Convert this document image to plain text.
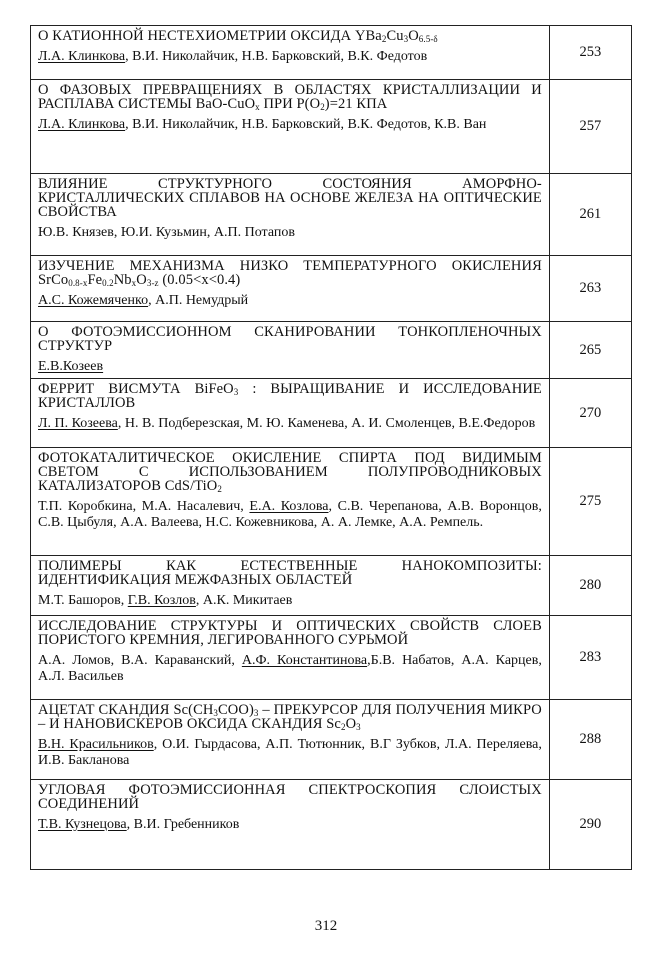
О КАТИОННОЙ НЕСТЕХИОМЕТРИИ ОКСИДА $YBa_2Cu_3O_{6.5-\delta}$

Л.А. Клинкова, В.И. Николайчик, Н.В. Барковский, В.К. Федотов	253

О ФАЗОВЫХ ПРЕВРАЩЕНИЯХ В ОБЛАСТЯХ КРИСТАЛЛИЗАЦИИ И РАСПЛАВА СИСТЕМЫ BaO-CuO$_x$ ПРИ $P(O_2)=21$ КПА

Л.А. Клинкова, В.И. Николайчик, Н.В. Барковский, В.К. Федотов, К.В. Ван	257

ВЛИЯНИЕ СТРУКТУРНОГО СОСТОЯНИЯ АМОРФНО-КРИСТАЛЛИЧЕСКИХ СПЛАВОВ НА ОСНОВЕ ЖЕЛЕЗА НА ОПТИЧЕСКИЕ СВОЙСТВА

Ю.В. Князев, Ю.И. Кузьмин, А.П. Потапов	261

ИЗУЧЕНИЕ МЕХАНИЗМА НИЗКО ТЕМПЕРАТУРНОГО ОКИСЛЕНИЯ $SrCo_{0.8-x}Fe_{0.2}Nb_xO_{3-z}$ (0.05<x<0.4)

А.С. Кожемяченко, А.П. Немудрый	263

О ФОТОЭМИССИОННОМ СКАНИРОВАНИИ ТОНКОПЛЕНОЧНЫХ СТРУКТУР

Е.В.Козеев	265

ФЕРРИТ ВИСМУТА BiFeO$_3$ : ВЫРАЩИВАНИЕ И ИССЛЕДОВАНИЕ КРИСТАЛЛОВ

Л. П. Козеева, Н. В. Подберезская, М. Ю. Каменева, А. И. Смоленцев, В.Е.Федоров	270

ФОТОКАТАЛИТИЧЕСКОЕ ОКИСЛЕНИЕ СПИРТА ПОД ВИДИМЫМ СВЕТОМ С ИСПОЛЬЗОВАНИЕМ ПОЛУПРОВОДНИКОВЫХ КАТАЛИЗАТОРОВ CdS/TiO$_2$

Т.П. Коробкина, М.А. Насалевич, Е.А. Козлова, С.В. Черепанова, А.В. Воронцов, С.В. Цыбуля, А.А. Валеева, Н.С. Кожевникова, А. А. Лемке, А.А. Ремпель.	275

ПОЛИМЕРЫ КАК ЕСТЕСТВЕННЫЕ НАНОКОМПОЗИТЫ: ИДЕНТИФИКАЦИЯ МЕЖФАЗНЫХ ОБЛАСТЕЙ

М.Т. Башоров, Г.В. Козлов, А.К. Микитаев	280

ИССЛЕДОВАНИЕ СТРУКТУРЫ И ОПТИЧЕСКИХ СВОЙСТВ СЛОЕВ ПОРИСТОГО КРЕМНИЯ, ЛЕГИРОВАННОГО СУРЬМОЙ

А.А. Ломов, В.А. Караванский, А.Ф. Константинова,Б.В. Набатов, А.А. Карцев, А.Л. Васильев	283

АЦЕТАТ СКАНДИЯ $Sc(CH_3COO)_3$ – ПРЕКУРСОР ДЛЯ ПОЛУЧЕНИЯ МИКРО – И НАНОВИСКЕРОВ ОКСИДА СКАНДИЯ $Sc_2O_3$

В.Н. Красильников, О.И. Гырдасова, А.П. Тютюнник, В.Г Зубков, Л.А. Переляева, И.В. Бакланова	288

УГЛОВАЯ ФОТОЭМИССИОННАЯ СПЕКТРОСКОПИЯ СЛОИСТЫХ СОЕДИНЕНИЙ

Т.В. Кузнецова, В.И. Гребенников	290
312
